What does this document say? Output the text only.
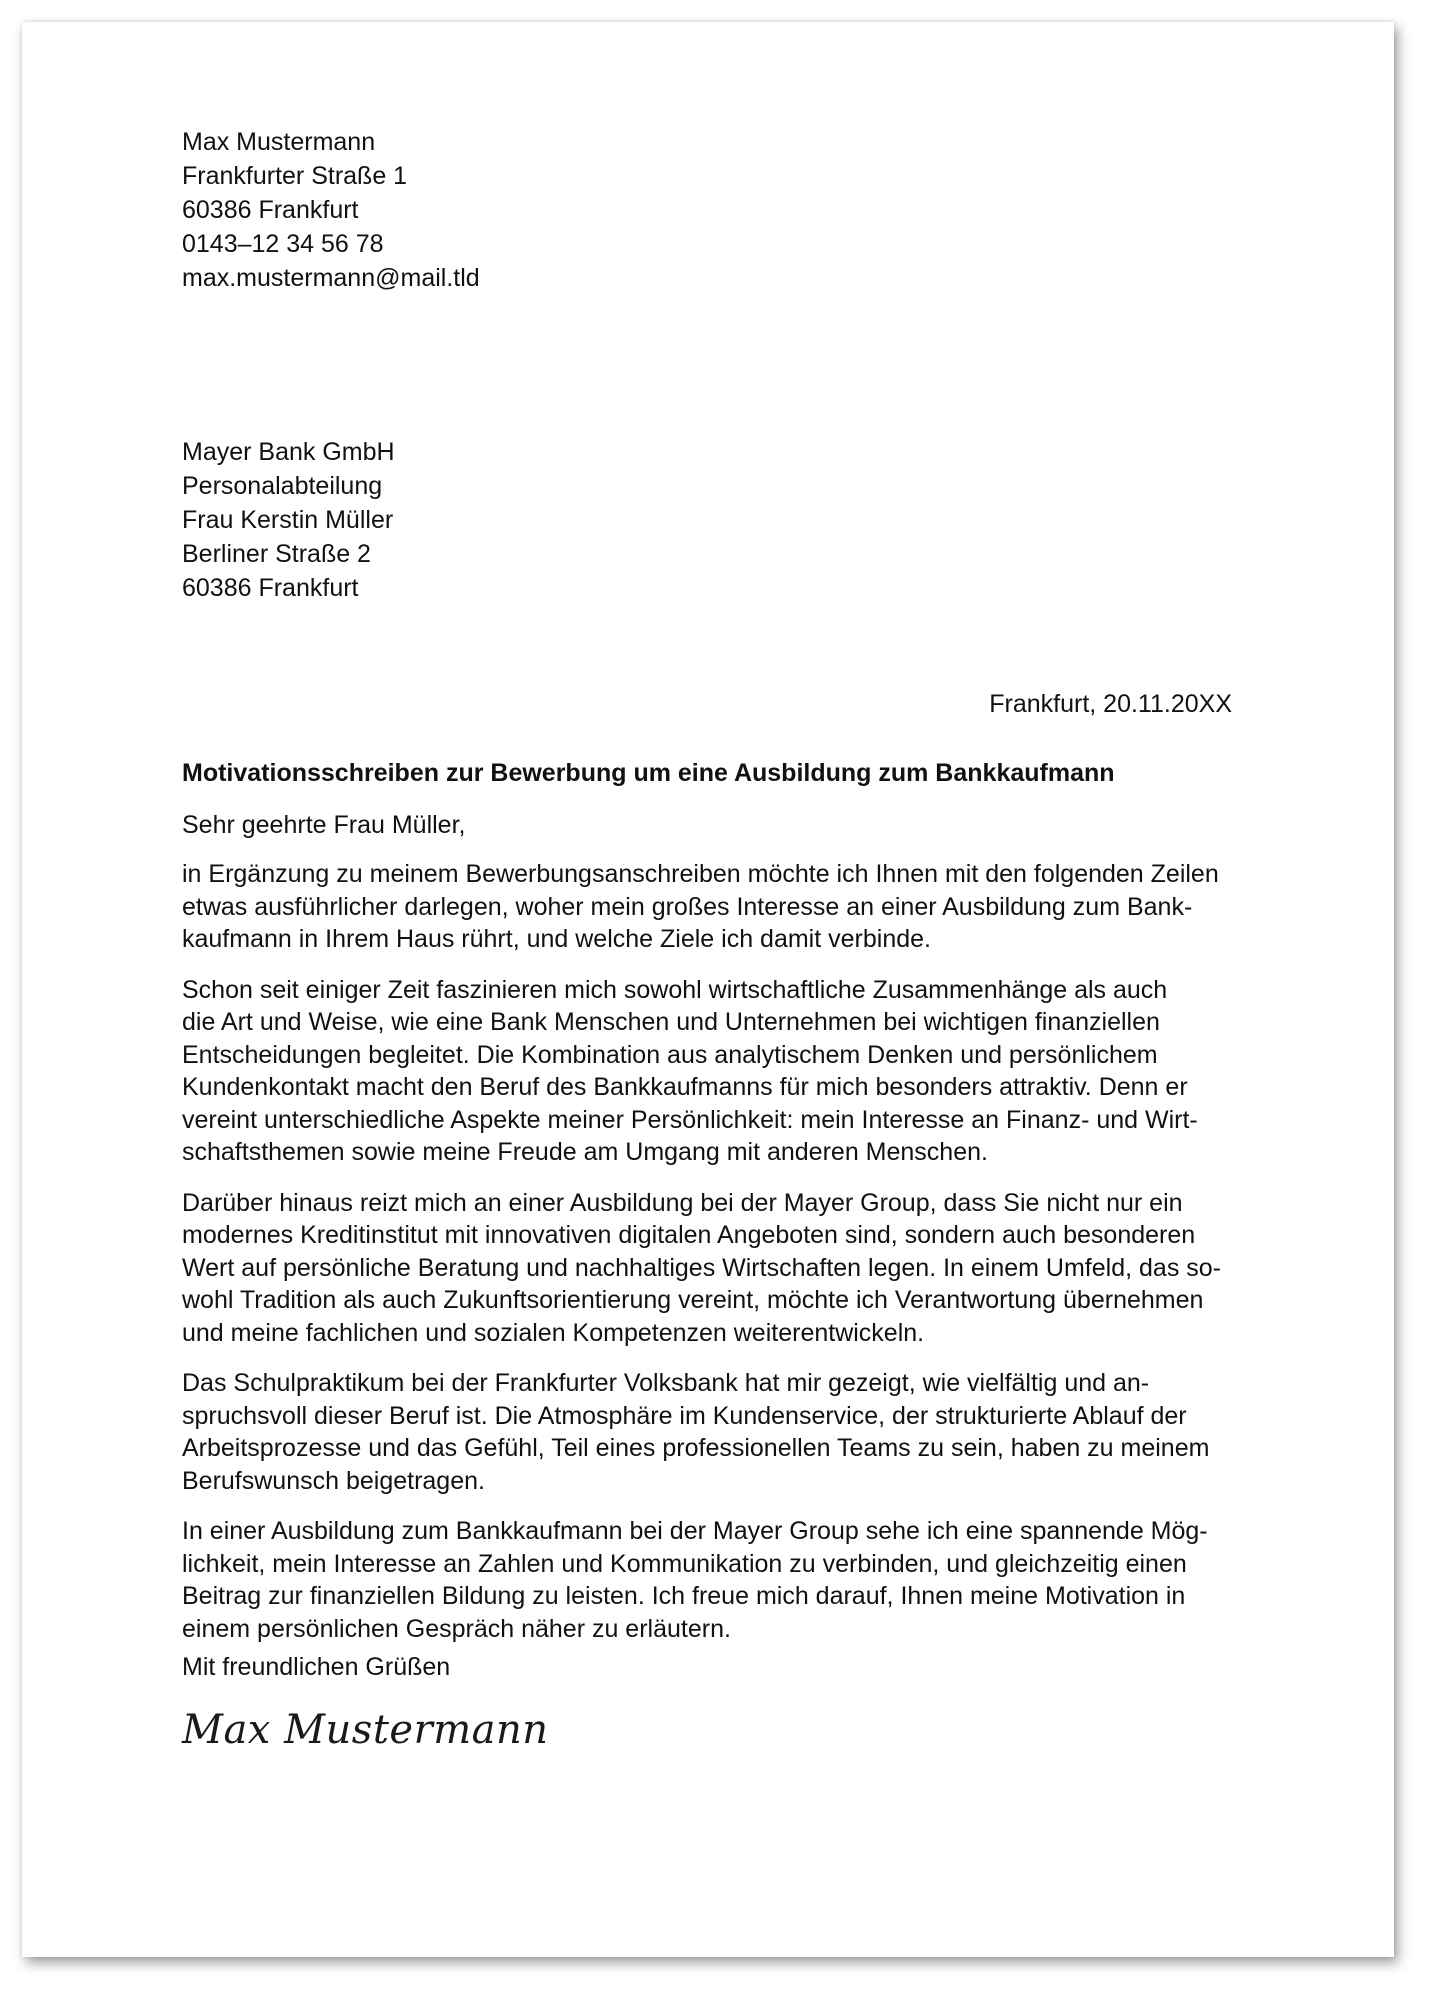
Max Mustermann

Frankfurter Straße 1

60386 Frankfurt

0143–12 34 56 78

max.mustermann@mail.tld

Mayer Bank GmbH

Personalabteilung

Frau Kerstin Müller

Berliner Straße 2

60386 Frankfurt

Frankfurt, 20.11.20XX
Motivationsschreiben zur Bewerbung um eine Ausbildung zum Bankkaufmann
Sehr geehrte Frau Müller,

in Ergänzung zu meinem Bewerbungsanschreiben möchte ich Ihnen mit den folgenden Zeilen
etwas ausführlicher darlegen, woher mein großes Interesse an einer Ausbildung zum Bank-
kaufmann in Ihrem Haus rührt, und welche Ziele ich damit verbinde.

Schon seit einiger Zeit faszinieren mich sowohl wirtschaftliche Zusammenhänge als auch
die Art und Weise, wie eine Bank Menschen und Unternehmen bei wichtigen finanziellen
Entscheidungen begleitet. Die Kombination aus analytischem Denken und persönlichem
Kundenkontakt macht den Beruf des Bankkaufmanns für mich besonders attraktiv. Denn er
vereint unterschiedliche Aspekte meiner Persönlichkeit: mein Interesse an Finanz- und Wirt-
schaftsthemen sowie meine Freude am Umgang mit anderen Menschen.

Darüber hinaus reizt mich an einer Ausbildung bei der Mayer Group, dass Sie nicht nur ein
modernes Kreditinstitut mit innovativen digitalen Angeboten sind, sondern auch besonderen
Wert auf persönliche Beratung und nachhaltiges Wirtschaften legen. In einem Umfeld, das so-
wohl Tradition als auch Zukunftsorientierung vereint, möchte ich Verantwortung übernehmen
und meine fachlichen und sozialen Kompetenzen weiterentwickeln.

Das Schulpraktikum bei der Frankfurter Volksbank hat mir gezeigt, wie vielfältig und an-
spruchsvoll dieser Beruf ist. Die Atmosphäre im Kundenservice, der strukturierte Ablauf der
Arbeitsprozesse und das Gefühl, Teil eines professionellen Teams zu sein, haben zu meinem
Berufswunsch beigetragen.

In einer Ausbildung zum Bankkaufmann bei der Mayer Group sehe ich eine spannende Mög-
lichkeit, mein Interesse an Zahlen und Kommunikation zu verbinden, und gleichzeitig einen
Beitrag zur finanziellen Bildung zu leisten. Ich freue mich darauf, Ihnen meine Motivation in
einem persönlichen Gespräch näher zu erläutern.

Mit freundlichen Grüßen
Max Mustermann
